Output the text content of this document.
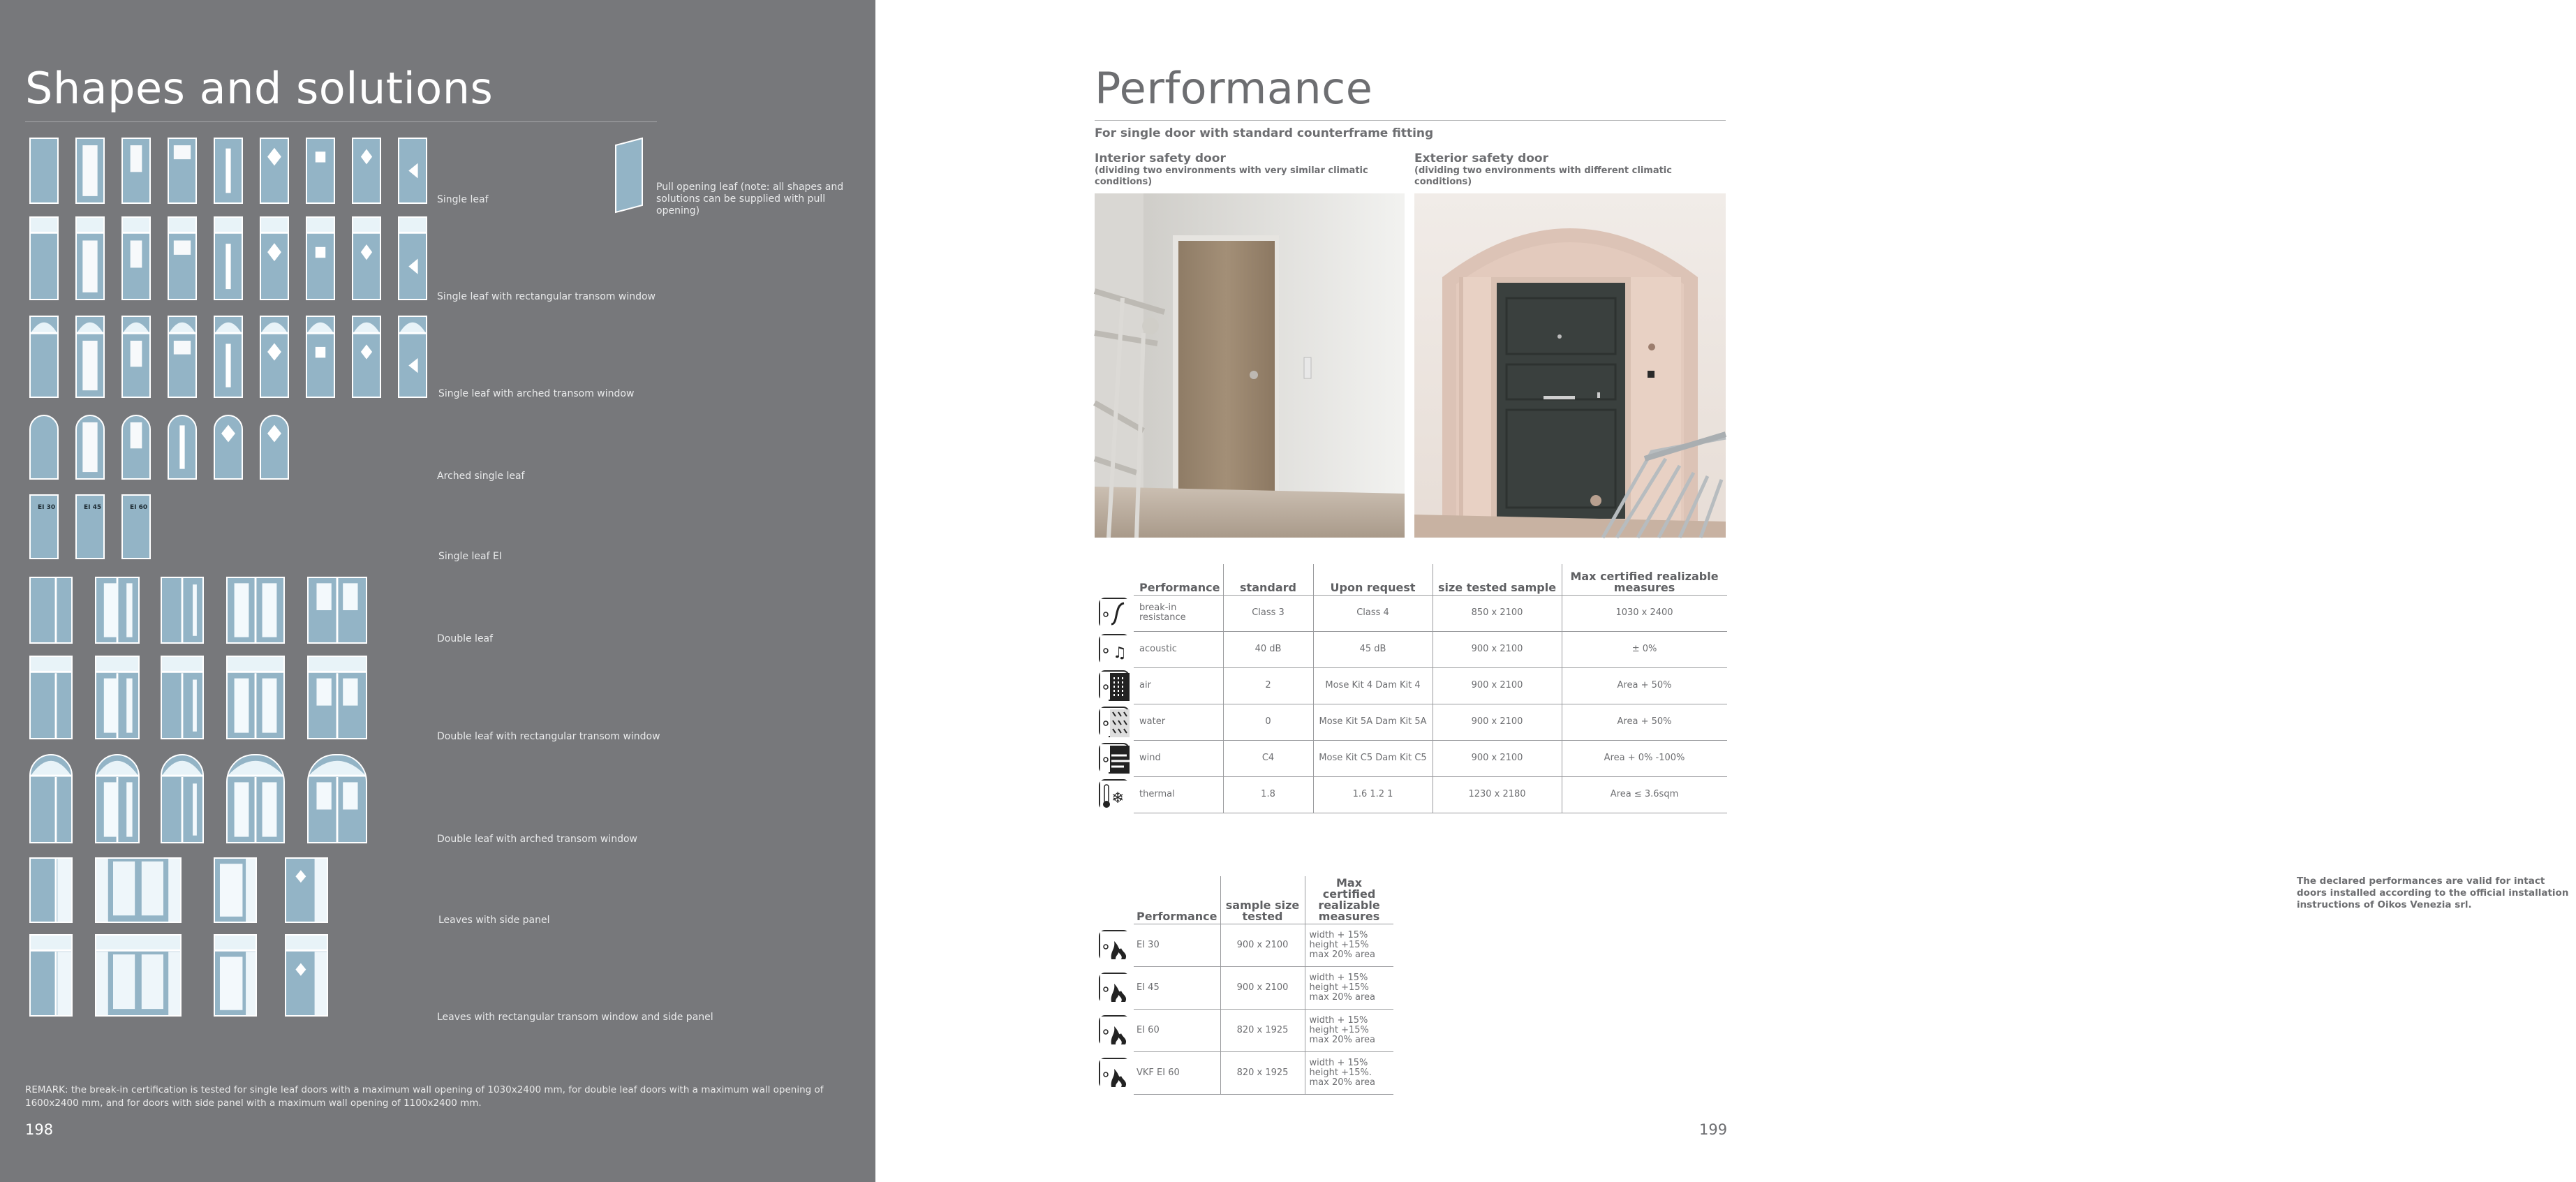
Shapes and solutions
EI 30	EI 45	EI 60
Pull opening leaf (note: all shapes and solutions can be supplied with pull opening)
Single leaf
Single leaf with rectangular transom window
Single leaf with arched transom window
Arched single leaf
Single leaf EI
Double leaf
Double leaf with rectangular transom window
Double leaf with arched transom window
Leaves with side panel
Leaves with rectangular transom window and side panel
REMARK: the break-in certification is tested for single leaf doors with a maximum wall opening of 1030x2400 mm, for double leaf doors with a maximum wall opening of 1600x2400 mm, and for doors with side panel with a maximum wall opening of 1100x2400 mm.
198
Performance
For single door with standard counterframe fitting
Interior safety door
(dividing two environments with very similar climatic conditions)
Exterior safety door
(dividing two environments with different climatic conditions)
	Performance	standard	Upon request	size tested sample	Max certified realizable measures

	break-in resistance	Class 3	Class 4	850 x 2100	1030 x 2400

♫	acoustic	40 dB	45 dB	900 x 2100	± 0%

	air	2	Mose Kit 4 Dam Kit 4	900 x 2100	Area + 50%

	water	0	Mose Kit 5A Dam Kit 5A	900 x 2100	Area + 50%

	wind	C4	Mose Kit C5 Dam Kit C5	900 x 2100	Area + 0% -100%

❄	thermal	1.8	1.6 1.2 1	1230 x 2180	Area ≤ 3.6sqm
	Performance	sample size tested	Max certified realizable measures

	EI 30	900 x 2100	width + 15% height +15% max 20% area

	EI 45	900 x 2100	width + 15% height +15% max 20% area

	EI 60	820 x 1925	width + 15% height +15% max 20% area

	VKF EI 60	820 x 1925	width + 15% height +15%. max 20% area
The declared performances are valid for intact doors installed according to the official installation instructions of Oikos Venezia srl.
199
